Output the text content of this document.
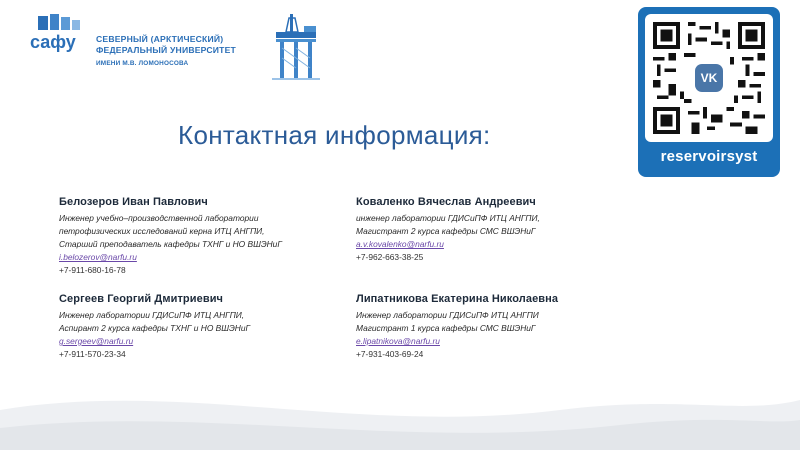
сафу СЕВЕРНЫЙ (АРКТИЧЕСКИЙ)
ФЕДЕРАЛЬНЫЙ УНИВЕРСИТЕТ
ИМЕНИ М.В. ЛОМОНОСОВА
Контактная информация:
VK
reservoirsyst
Белозеров Иван Павлович
Инженер учебно–производственной лаборатории
петрофизических исследований керна ИТЦ АНГПИ,
Старший преподаватель кафедры ТХНГ и НО ВШЭНиГ
i.belozerov@narfu.ru
+7-911-680-16-78
Коваленко Вячеслав Андреевич
инженер лаборатории ГДИСиПФ ИТЦ АНГПИ,
Магистрант 2 курса кафедры СМС ВШЭНиГ
a.v.kovalenko@narfu.ru
+7-962-663-38-25
Сергеев Георгий Дмитриевич
Инженер лаборатории ГДИСиПФ ИТЦ АНГПИ,
Аспирант 2 курса кафедры ТХНГ и НО ВШЭНиГ
g.sergeev@narfu.ru
+7-911-570-23-34
Липатникова Екатерина Николаевна
Инженер лаборатории ГДИСиПФ ИТЦ АНГПИ
Магистрант 1 курса кафедры СМС ВШЭНиГ
e.lipatnikova@narfu.ru
+7-931-403-69-24
